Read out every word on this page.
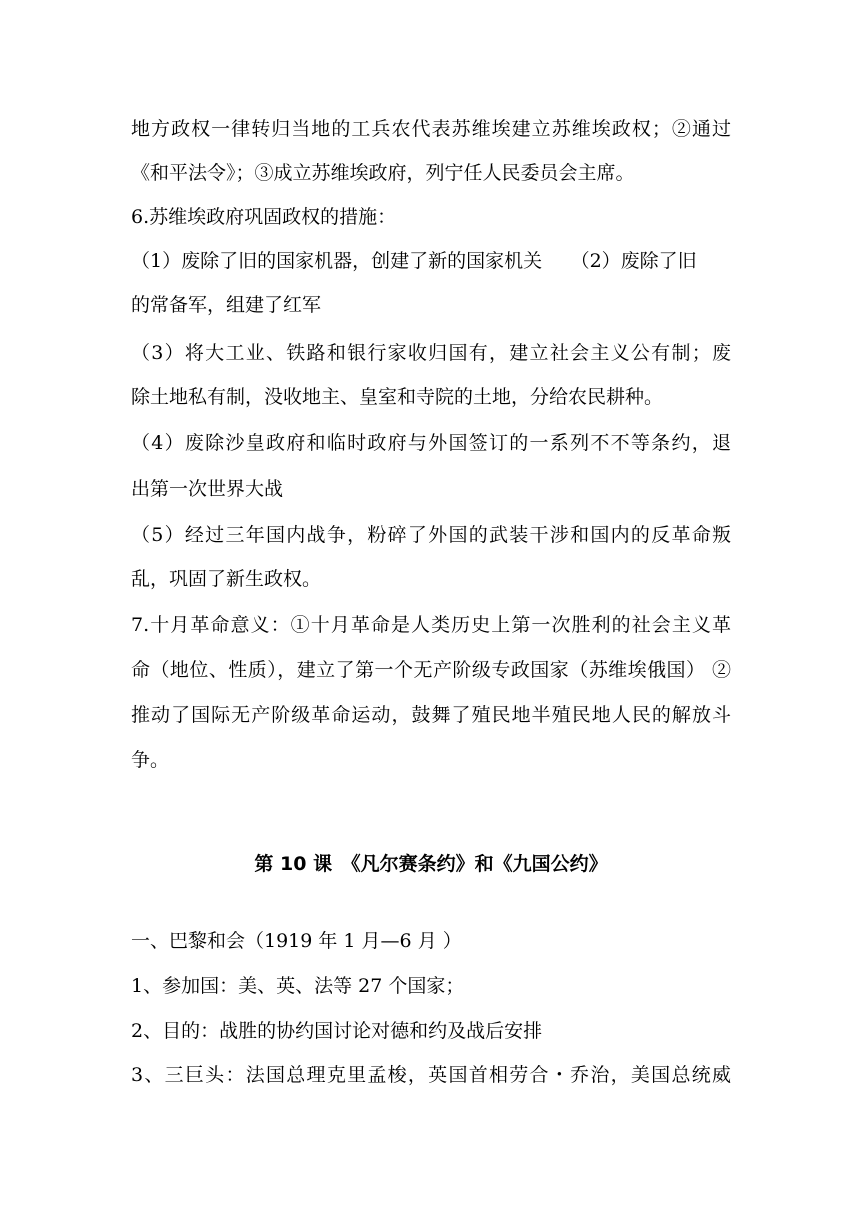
地方政权一律转归当地的工兵农代表苏维埃建立苏维埃政权；②通过
《和平法令》；③成立苏维埃政府，列宁任人民委员会主席。
6.苏维埃政府巩固政权的措施：
（1）废除了旧的国家机器，创建了新的国家机关　　（2）废除了旧
的常备军，组建了红军
（3）将大工业、铁路和银行家收归国有，建立社会主义公有制；废
除土地私有制，没收地主、皇室和寺院的土地，分给农民耕种。
（4）废除沙皇政府和临时政府与外国签订的一系列不不等条约，退
出第一次世界大战
（5）经过三年国内战争，粉碎了外国的武装干涉和国内的反革命叛
乱，巩固了新生政权。
7.十月革命意义：①十月革命是人类历史上第一次胜利的社会主义革
命（地位、性质），建立了第一个无产阶级专政国家（苏维埃俄国） ②
推动了国际无产阶级革命运动，鼓舞了殖民地半殖民地人民的解放斗
争。
第 10 课　《凡尔赛条约》和《九国公约》
一、巴黎和会（1919 年 1 月—6 月 ）
1、参加国：美、英、法等 27 个国家；
2、目的：战胜的协约国讨论对德和约及战后安排
3、三巨头：法国总理克里孟梭，英国首相劳合・乔治，美国总统威
